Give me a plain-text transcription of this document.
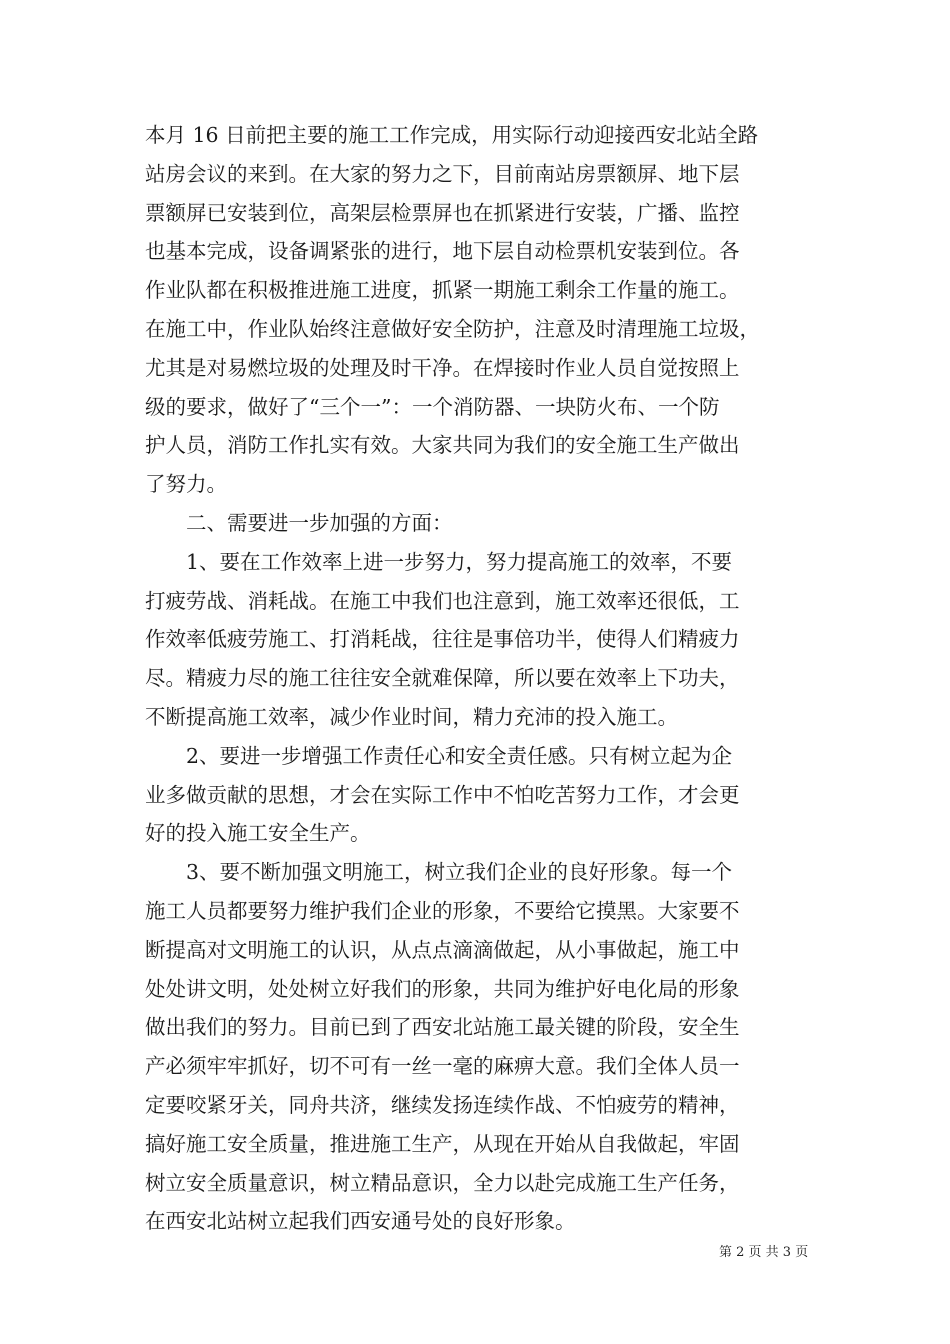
本月 16 日前把主要的施工工作完成，用实际行动迎接西安北站全路
站房会议的来到。在大家的努力之下，目前南站房票额屏、地下层
票额屏已安装到位，高架层检票屏也在抓紧进行安装，广播、监控
也基本完成，设备调紧张的进行，地下层自动检票机安装到位。各
作业队都在积极推进施工进度，抓紧一期施工剩余工作量的施工。
在施工中，作业队始终注意做好安全防护，注意及时清理施工垃圾，
尤其是对易燃垃圾的处理及时干净。在焊接时作业人员自觉按照上
级的要求，做好了“三个一”：一个消防器、一块防火布、一个防
护人员，消防工作扎实有效。大家共同为我们的安全施工生产做出
了努力。
　　二、需要进一步加强的方面：
　　1、要在工作效率上进一步努力，努力提高施工的效率，不要
打疲劳战、消耗战。在施工中我们也注意到，施工效率还很低，工
作效率低疲劳施工、打消耗战，往往是事倍功半，使得人们精疲力
尽。精疲力尽的施工往往安全就难保障，所以要在效率上下功夫，
不断提高施工效率，减少作业时间，精力充沛的投入施工。
　　2、要进一步增强工作责任心和安全责任感。只有树立起为企
业多做贡献的思想，才会在实际工作中不怕吃苦努力工作，才会更
好的投入施工安全生产。
　　3、要不断加强文明施工，树立我们企业的良好形象。每一个
施工人员都要努力维护我们企业的形象，不要给它摸黑。大家要不
断提高对文明施工的认识，从点点滴滴做起，从小事做起，施工中
处处讲文明，处处树立好我们的形象，共同为维护好电化局的形象
做出我们的努力。目前已到了西安北站施工最关键的阶段，安全生
产必须牢牢抓好，切不可有一丝一毫的麻痹大意。我们全体人员一
定要咬紧牙关，同舟共济，继续发扬连续作战、不怕疲劳的精神，
搞好施工安全质量，推进施工生产，从现在开始从自我做起，牢固
树立安全质量意识，树立精品意识，全力以赴完成施工生产任务，
在西安北站树立起我们西安通号处的良好形象。
第 2 页 共 3 页
